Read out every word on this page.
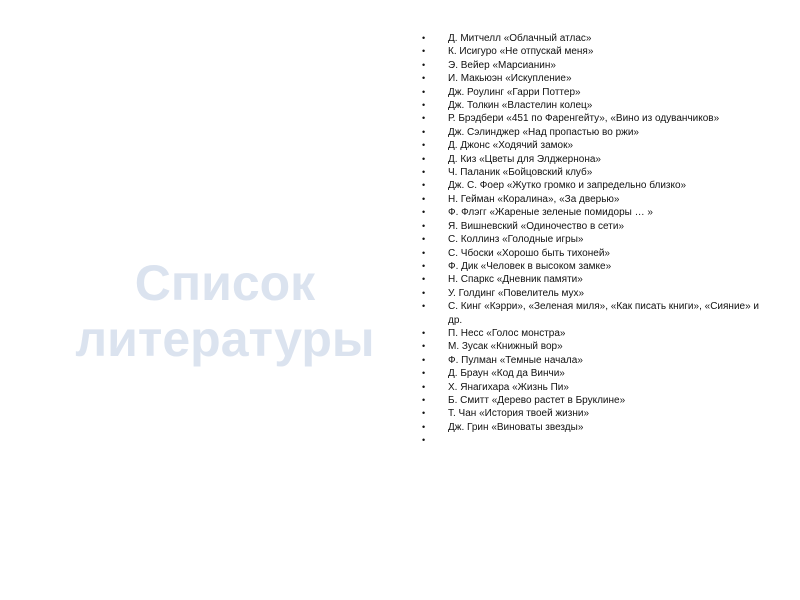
Список литературы
• Д. Митчелл «Облачный атлас»
• К. Исигуро «Не отпускай меня»
• Э. Вейер «Марсианин»
• И. Макьюэн «Искупление»
• Дж. Роулинг «Гарри Поттер»
• Дж. Толкин «Властелин колец»
• Р. Брэдбери «451 по Фаренгейту», «Вино из одуванчиков»
• Дж. Сэлинджер «Над пропастью во ржи»
• Д. Джонс «Ходячий замок»
• Д. Киз «Цветы для Элджернона»
• Ч. Паланик «Бойцовский клуб»
• Дж. С. Фоер «Жутко громко и запредельно близко»
• Н. Гейман «Коралина», «За дверью»
• Ф. Флэгг «Жареные зеленые помидоры … »
• Я. Вишневский «Одиночество в сети»
• С. Коллинз «Голодные игры»
• С. Чбоски «Хорошо быть тихоней»
• Ф. Дик «Человек в высоком замке»
• Н. Спаркс «Дневник памяти»
• У. Голдинг «Повелитель мух»
• С. Кинг «Кэрри», «Зеленая миля», «Как писать книги», «Сияние» и др.
• П. Несс «Голос монстра»
• М. Зусак «Книжный вор»
• Ф. Пулман «Темные начала»
• Д. Браун «Код да Винчи»
• Х. Янагихара «Жизнь Пи»
• Б. Смитт «Дерево растет в Бруклине»
• Т. Чан «История твоей жизни»
• Дж. Грин «Виноваты звезды»
•
